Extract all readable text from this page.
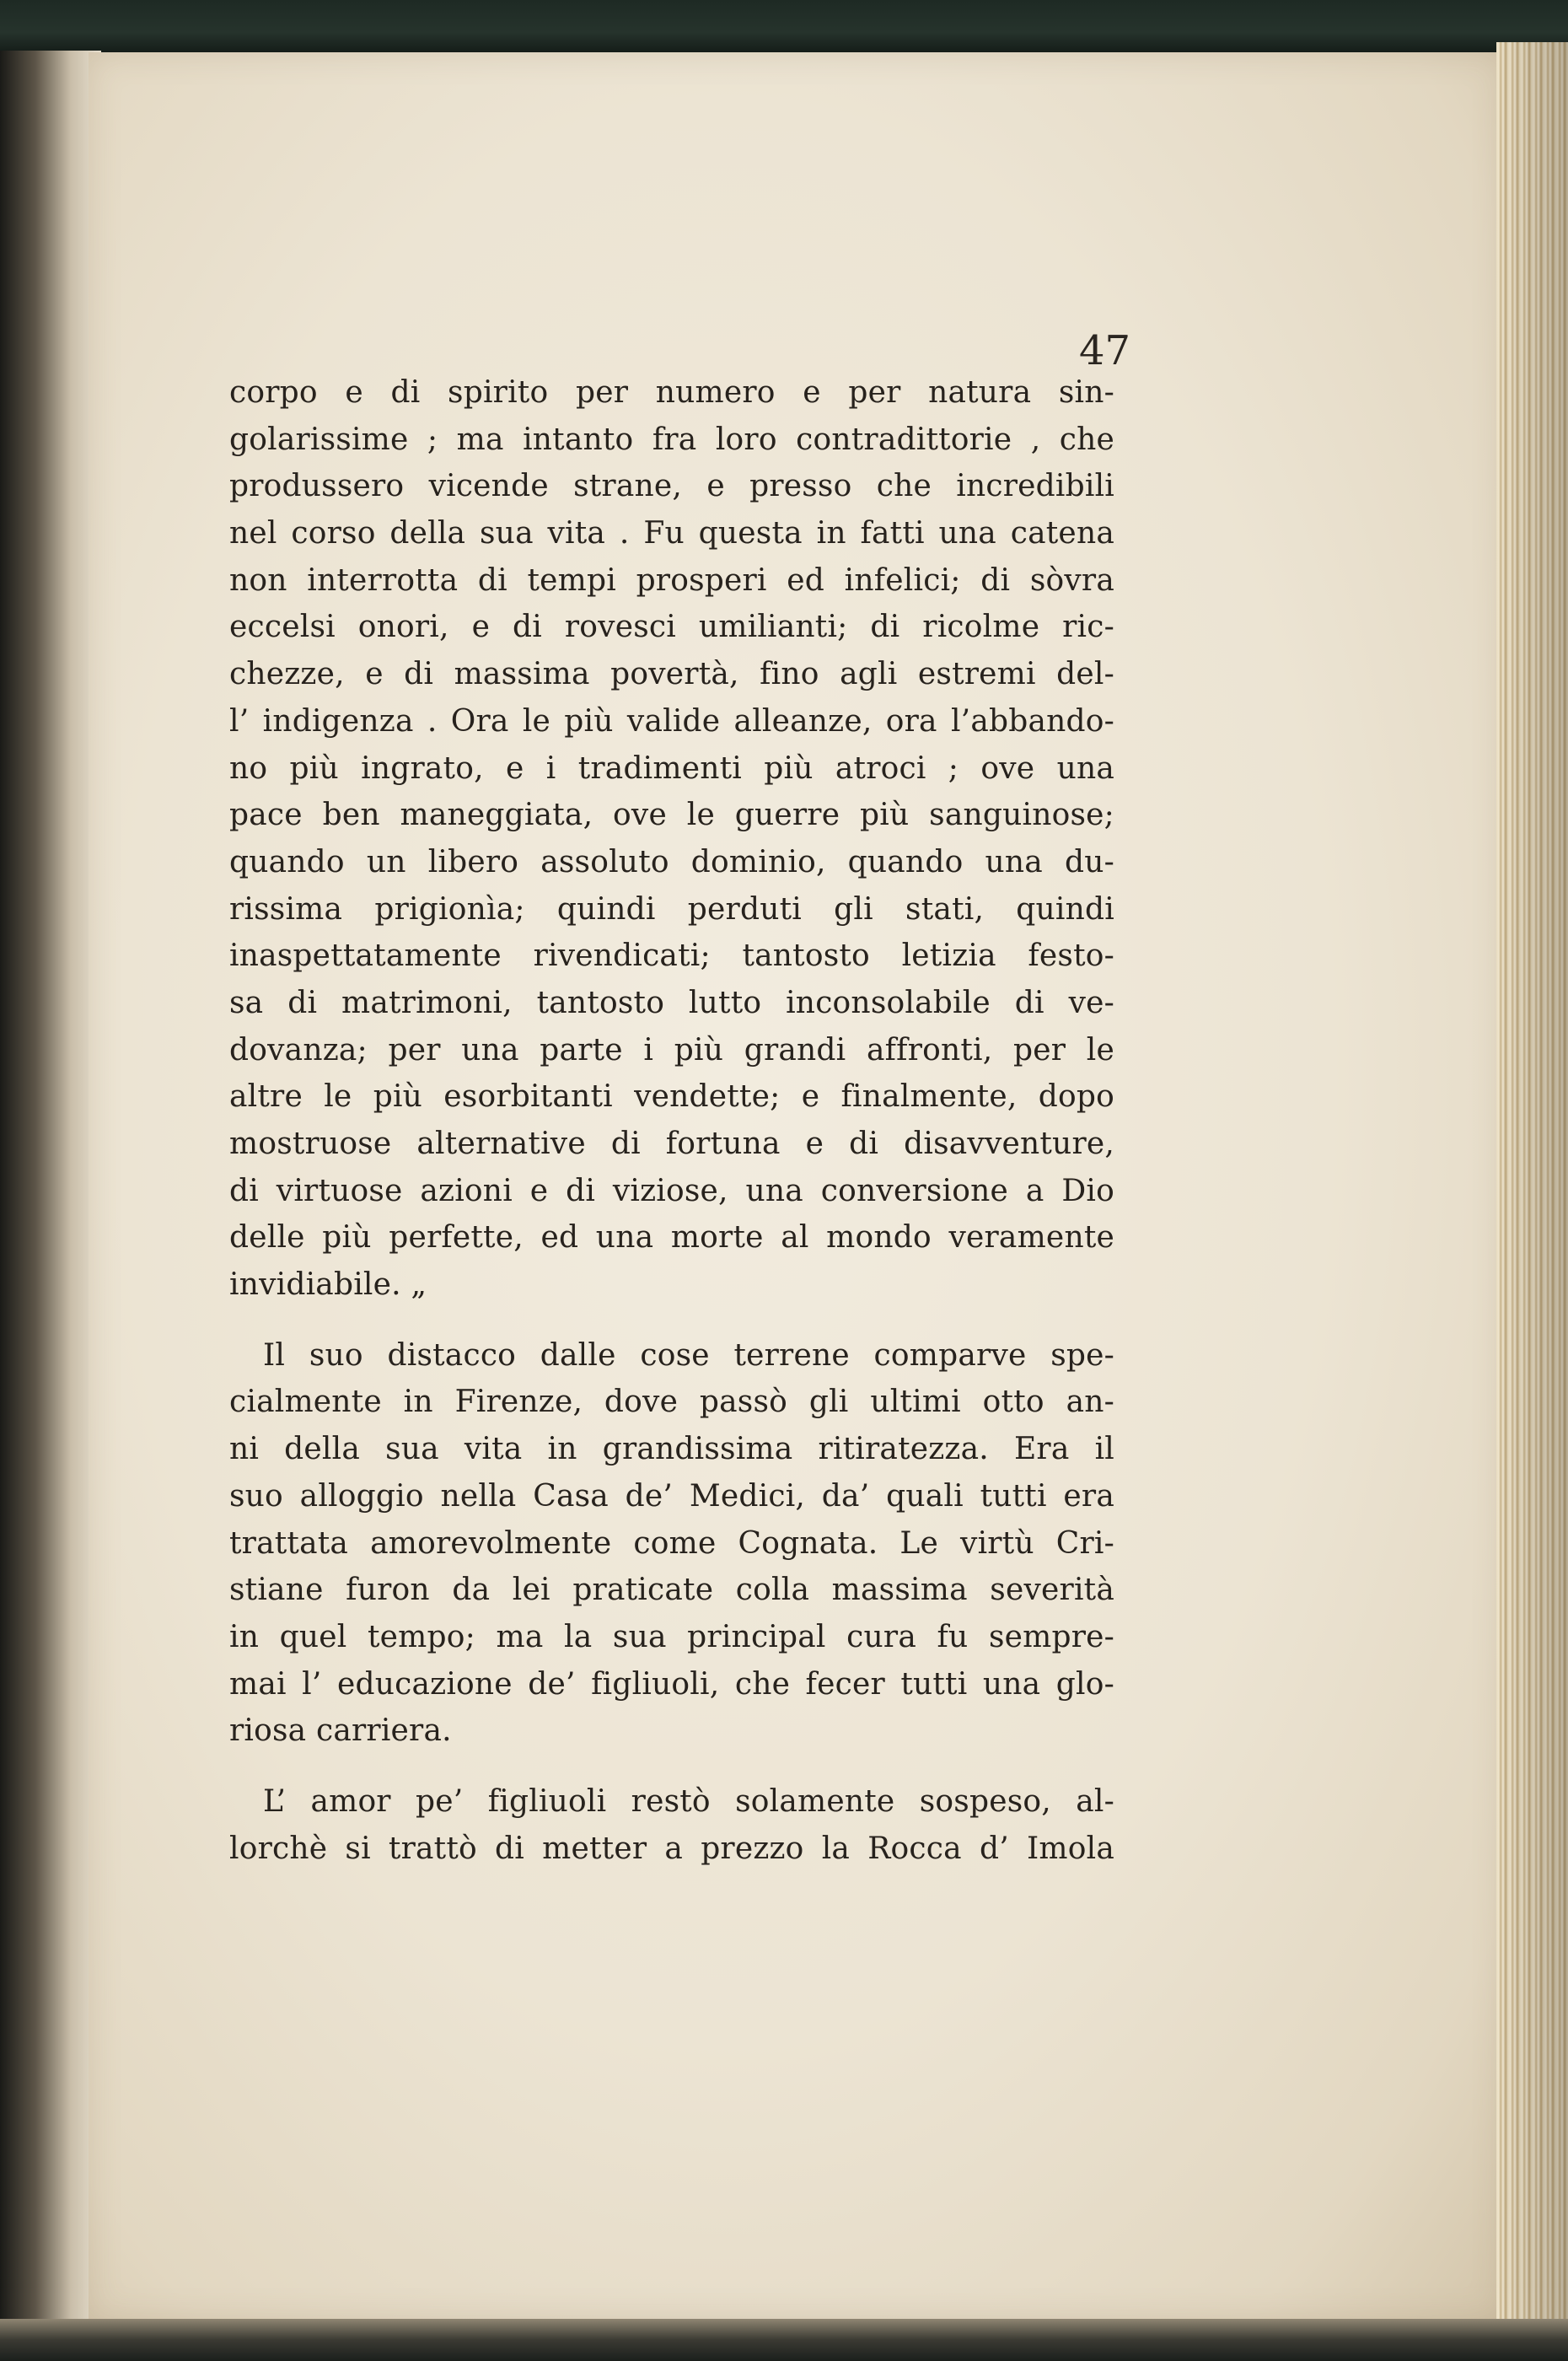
47

corpo e di spirito per numero e per natura sin-
golarissime ; ma intanto fra loro contradittorie , che
produssero vicende strane, e presso che incredibili
nel corso della sua vita . Fu questa in fatti una catena
non interrotta di tempi prosperi ed infelici; di sòvra
eccelsi onori, e di rovesci umilianti; di ricolme ric-
chezze, e di massima povertà, fino agli estremi del-
l’ indigenza . Ora le più valide alleanze, ora l’abbando-
no più ingrato, e i tradimenti più atroci ; ove una
pace ben maneggiata, ove le guerre più sanguinose;
quando un libero assoluto dominio, quando una du-
rissima prigionìa; quindi perduti gli stati, quindi
inaspettatamente rivendicati; tantosto letizia festo-
sa di matrimoni, tantosto lutto inconsolabile di ve-
dovanza; per una parte i più grandi affronti, per le
altre le più esorbitanti vendette; e finalmente, dopo
mostruose alternative di fortuna e di disavventure,
di virtuose azioni e di viziose, una conversione a Dio
delle più perfette, ed una morte al mondo veramente
invidiabile. „
Il suo distacco dalle cose terrene comparve spe-
cialmente in Firenze, dove passò gli ultimi otto an-
ni della sua vita in grandissima ritiratezza. Era il
suo alloggio nella Casa de’ Medici, da’ quali tutti era
trattata amorevolmente come Cognata. Le virtù Cri-
stiane furon da lei praticate colla massima severità
in quel tempo; ma la sua principal cura fu sempre-
mai l’ educazione de’ figliuoli, che fecer tutti una glo-
riosa carriera.
L’ amor pe’ figliuoli restò solamente sospeso, al-
lorchè si trattò di metter a prezzo la Rocca d’ Imola
